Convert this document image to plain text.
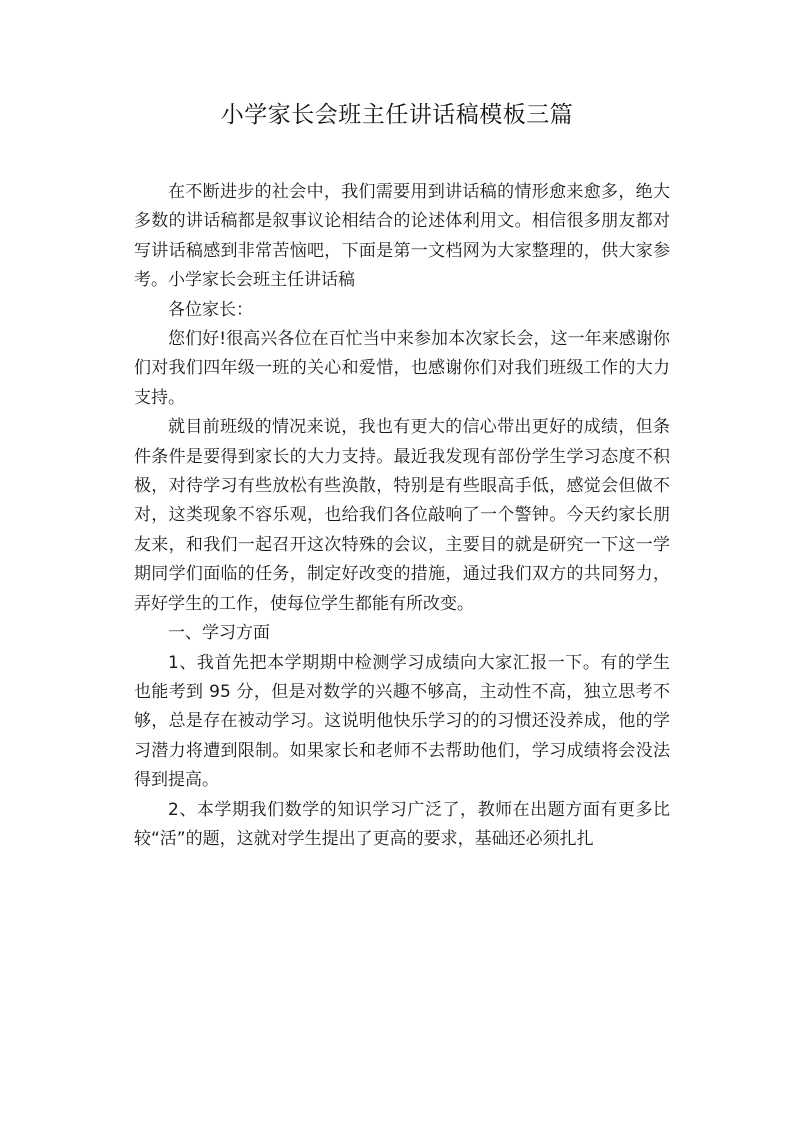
小学家长会班主任讲话稿模板三篇

在不断进步的社会中，我们需要用到讲话稿的情形愈来愈多，绝大多数的讲话稿都是叙事议论相结合的论述体利用文。相信很多朋友都对写讲话稿感到非常苦恼吧，下面是第一文档网为大家整理的，供大家参考。小学家长会班主任讲话稿

各位家长：

您们好!很高兴各位在百忙当中来参加本次家长会，这一年来感谢你们对我们四年级一班的关心和爱惜，也感谢你们对我们班级工作的大力支持。

就目前班级的情况来说，我也有更大的信心带出更好的成绩，但条件条件是要得到家长的大力支持。最近我发现有部份学生学习态度不积极，对待学习有些放松有些涣散，特别是有些眼高手低，感觉会但做不对，这类现象不容乐观，也给我们各位敲响了一个警钟。今天约家长朋友来，和我们一起召开这次特殊的会议，主要目的就是研究一下这一学期同学们面临的任务，制定好改变的措施，通过我们双方的共同努力，弄好学生的工作，使每位学生都能有所改变。

一、学习方面

1、我首先把本学期期中检测学习成绩向大家汇报一下。有的学生也能考到 95 分，但是对数学的兴趣不够高，主动性不高，独立思考不够，总是存在被动学习。这说明他快乐学习的的习惯还没养成，他的学习潜力将遭到限制。如果家长和老师不去帮助他们，学习成绩将会没法得到提高。

2、本学期我们数学的知识学习广泛了，教师在出题方面有更多比较“活”的题，这就对学生提出了更高的要求，基础还必须扎扎
